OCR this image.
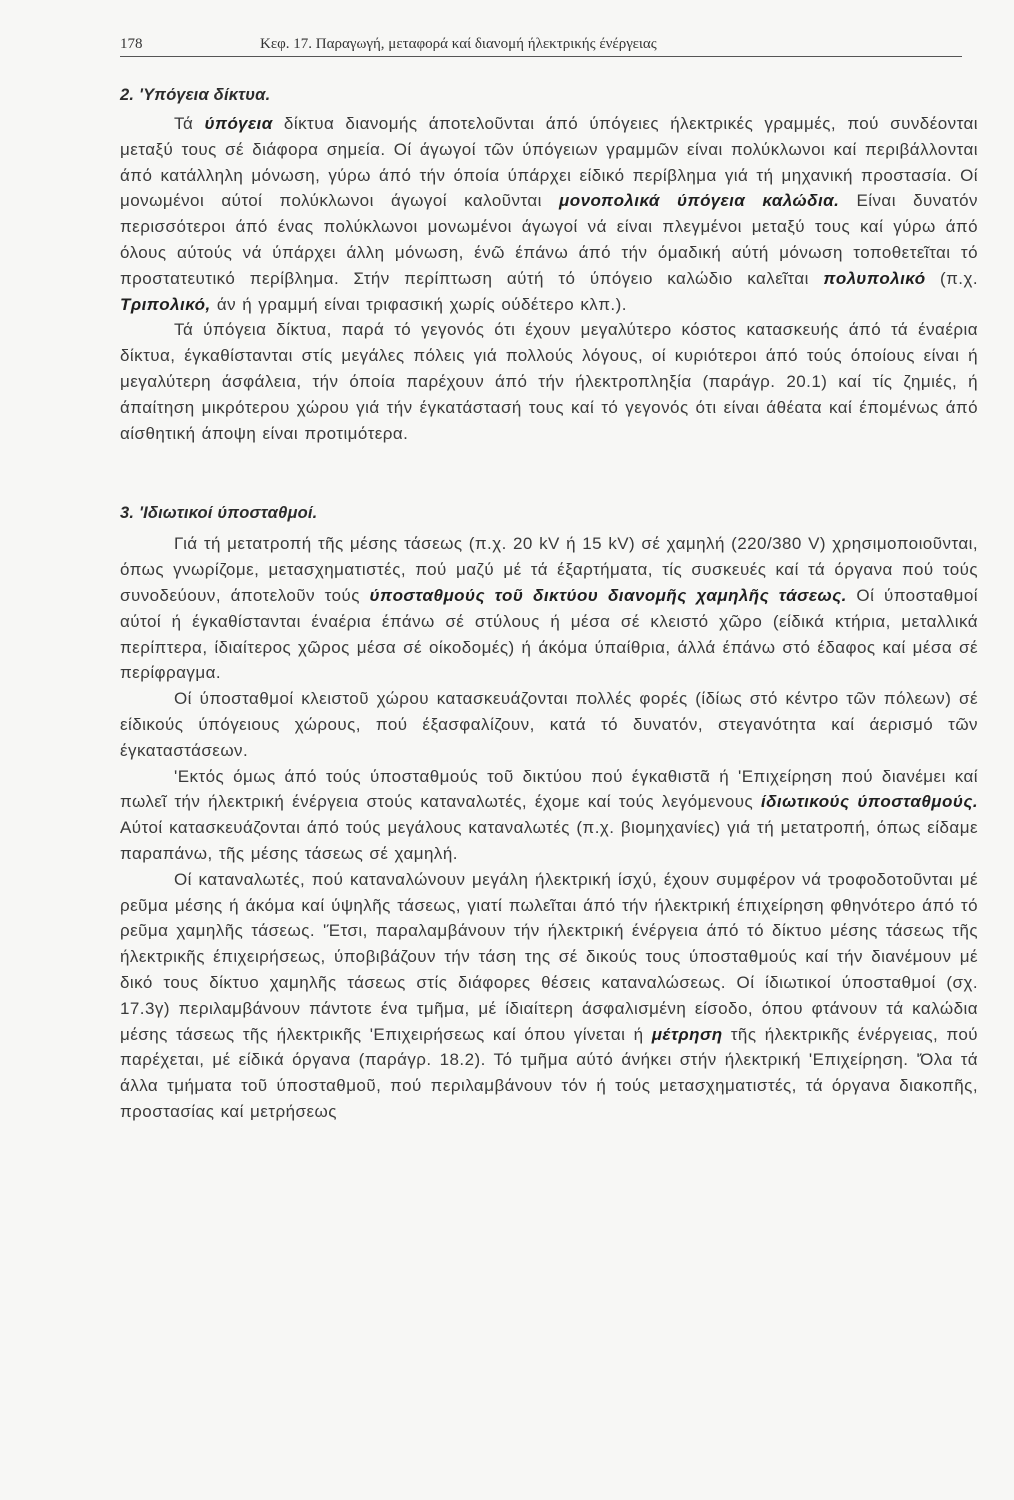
178	Κεφ. 17. Παραγωγή, μεταφορά καί διανομή ήλεκτρικής ένέργειας
2. ʹΥπόγεια δίκτυα.

Τά ύπόγεια δίκτυα διανομής άποτελοῦνται άπό ύπόγειες ήλεκτρικές γραμμές, πού συνδέονται μεταξύ τους σέ διάφορα σημεία. Οί άγωγοί τῶν ύπόγειων γραμμῶν είναι πολύκλωνοι καί περιβάλλονται άπό κατάλληλη μόνωση, γύρω άπό τήν όποία ύπάρχει είδικό περίβλημα γιά τή μηχανική προστασία. Οί μονωμένοι αύτοί πολύκλωνοι άγωγοί καλοῦνται μονοπολικά ύπόγεια καλώδια. Είναι δυνατόν περισσότεροι άπό ένας πολύκλωνοι μονωμένοι άγωγοί νά είναι πλεγμένοι μεταξύ τους καί γύρω άπό όλους αύτούς νά ύπάρχει άλλη μόνωση, ένῶ έπάνω άπό τήν όμαδική αύτή μόνωση τοποθετεῖται τό προστατευτικό περίβλημα. Στήν περίπτωση αύτή τό ύπόγειο καλώδιο καλεῖται πολυπολικό (π.χ. Τριπολικό, άν ή γραμμή είναι τριφασική χωρίς ούδέτερο κλπ.).

Τά ύπόγεια δίκτυα, παρά τό γεγονός ότι έχουν μεγαλύτερο κόστος κατασκευής άπό τά έναέρια δίκτυα, έγκαθίστανται στίς μεγάλες πόλεις γιά πολλούς λόγους, οί κυριότεροι άπό τούς όποίους είναι ή μεγαλύτερη άσφάλεια, τήν όποία παρέχουν άπό τήν ήλεκτροπληξία (παράγρ. 20.1) καί τίς ζημιές, ή άπαίτηση μικρότερου χώρου γιά τήν έγκατάστασή τους καί τό γεγονός ότι είναι άθέατα καί έπομένως άπό αίσθητική άποψη είναι προτιμότερα.

3. ʹΙδιωτικοί ύποσταθμοί.

Γιά τή μετατροπή τῆς μέσης τάσεως (π.χ. 20 kV ή 15 kV) σέ χαμηλή (220/380 V) χρησιμοποιοῦνται, όπως γνωρίζομε, μετασχηματιστές, πού μαζύ μέ τά έξαρτήματα, τίς συσκευές καί τά όργανα πού τούς συνοδεύουν, άποτελοῦν τούς ύποσταθμούς τοῦ δικτύου διανομῆς χαμηλῆς τάσεως. Οί ύποσταθμοί αύτοί ή έγκαθίστανται έναέρια έπάνω σέ στύλους ή μέσα σέ κλειστό χῶρο (είδικά κτήρια, μεταλλικά περίπτερα, ίδιαίτερος χῶρος μέσα σέ οίκοδομές) ή άκόμα ύπαίθρια, άλλά έπάνω στό έδαφος καί μέσα σέ περίφραγμα.

Οί ύποσταθμοί κλειστοῦ χώρου κατασκευάζονται πολλές φορές (ίδίως στό κέντρο τῶν πόλεων) σέ είδικούς ύπόγειους χώρους, πού έξασφαλίζουν, κατά τό δυνατόν, στεγανότητα καί άερισμό τῶν έγκαταστάσεων.

ʹΕκτός όμως άπό τούς ύποσταθμούς τοῦ δικτύου πού έγκαθιστᾶ ή ʹΕπιχείρηση πού διανέμει καί πωλεῖ τήν ήλεκτρική ένέργεια στούς καταναλωτές, έχομε καί τούς λεγόμενους ίδιωτικούς ύποσταθμούς. Αύτοί κατασκευάζονται άπό τούς μεγάλους καταναλωτές (π.χ. βιομηχανίες) γιά τή μετατροπή, όπως είδαμε παραπάνω, τῆς μέσης τάσεως σέ χαμηλή.

Οί καταναλωτές, πού καταναλώνουν μεγάλη ήλεκτρική ίσχύ, έχουν συμφέρον νά τροφοδοτοῦνται μέ ρεῦμα μέσης ή άκόμα καί ύψηλῆς τάσεως, γιατί πωλεῖται άπό τήν ήλεκτρική έπιχείρηση φθηνότερο άπό τό ρεῦμα χαμηλῆς τάσεως. ʹΈτσι, παραλαμβάνουν τήν ήλεκτρική ένέργεια άπό τό δίκτυο μέσης τάσεως τῆς ήλεκτρικῆς έπιχειρήσεως, ύποβιβάζουν τήν τάση της σέ δικούς τους ύποσταθμούς καί τήν διανέμουν μέ δικό τους δίκτυο χαμηλῆς τάσεως στίς διάφορες θέσεις καταναλώσεως. Οί ίδιωτικοί ύποσταθμοί (σχ. 17.3γ) περιλαμβάνουν πάντοτε ένα τμῆμα, μέ ίδιαίτερη άσφαλισμένη είσοδο, όπου φτάνουν τά καλώδια μέσης τάσεως τῆς ήλεκτρικῆς ʹΕπιχειρήσεως καί όπου γίνεται ή μέτρηση τῆς ήλεκτρικῆς ένέργειας, πού παρέχεται, μέ είδικά όργανα (παράγρ. 18.2). Τό τμῆμα αύτό άνήκει στήν ήλεκτρική ʹΕπιχείρηση. ʹΌλα τά άλλα τμήματα τοῦ ύποσταθμοῦ, πού περιλαμβάνουν τόν ή τούς μετασχηματιστές, τά όργανα διακοπῆς, προστασίας καί μετρήσεως
